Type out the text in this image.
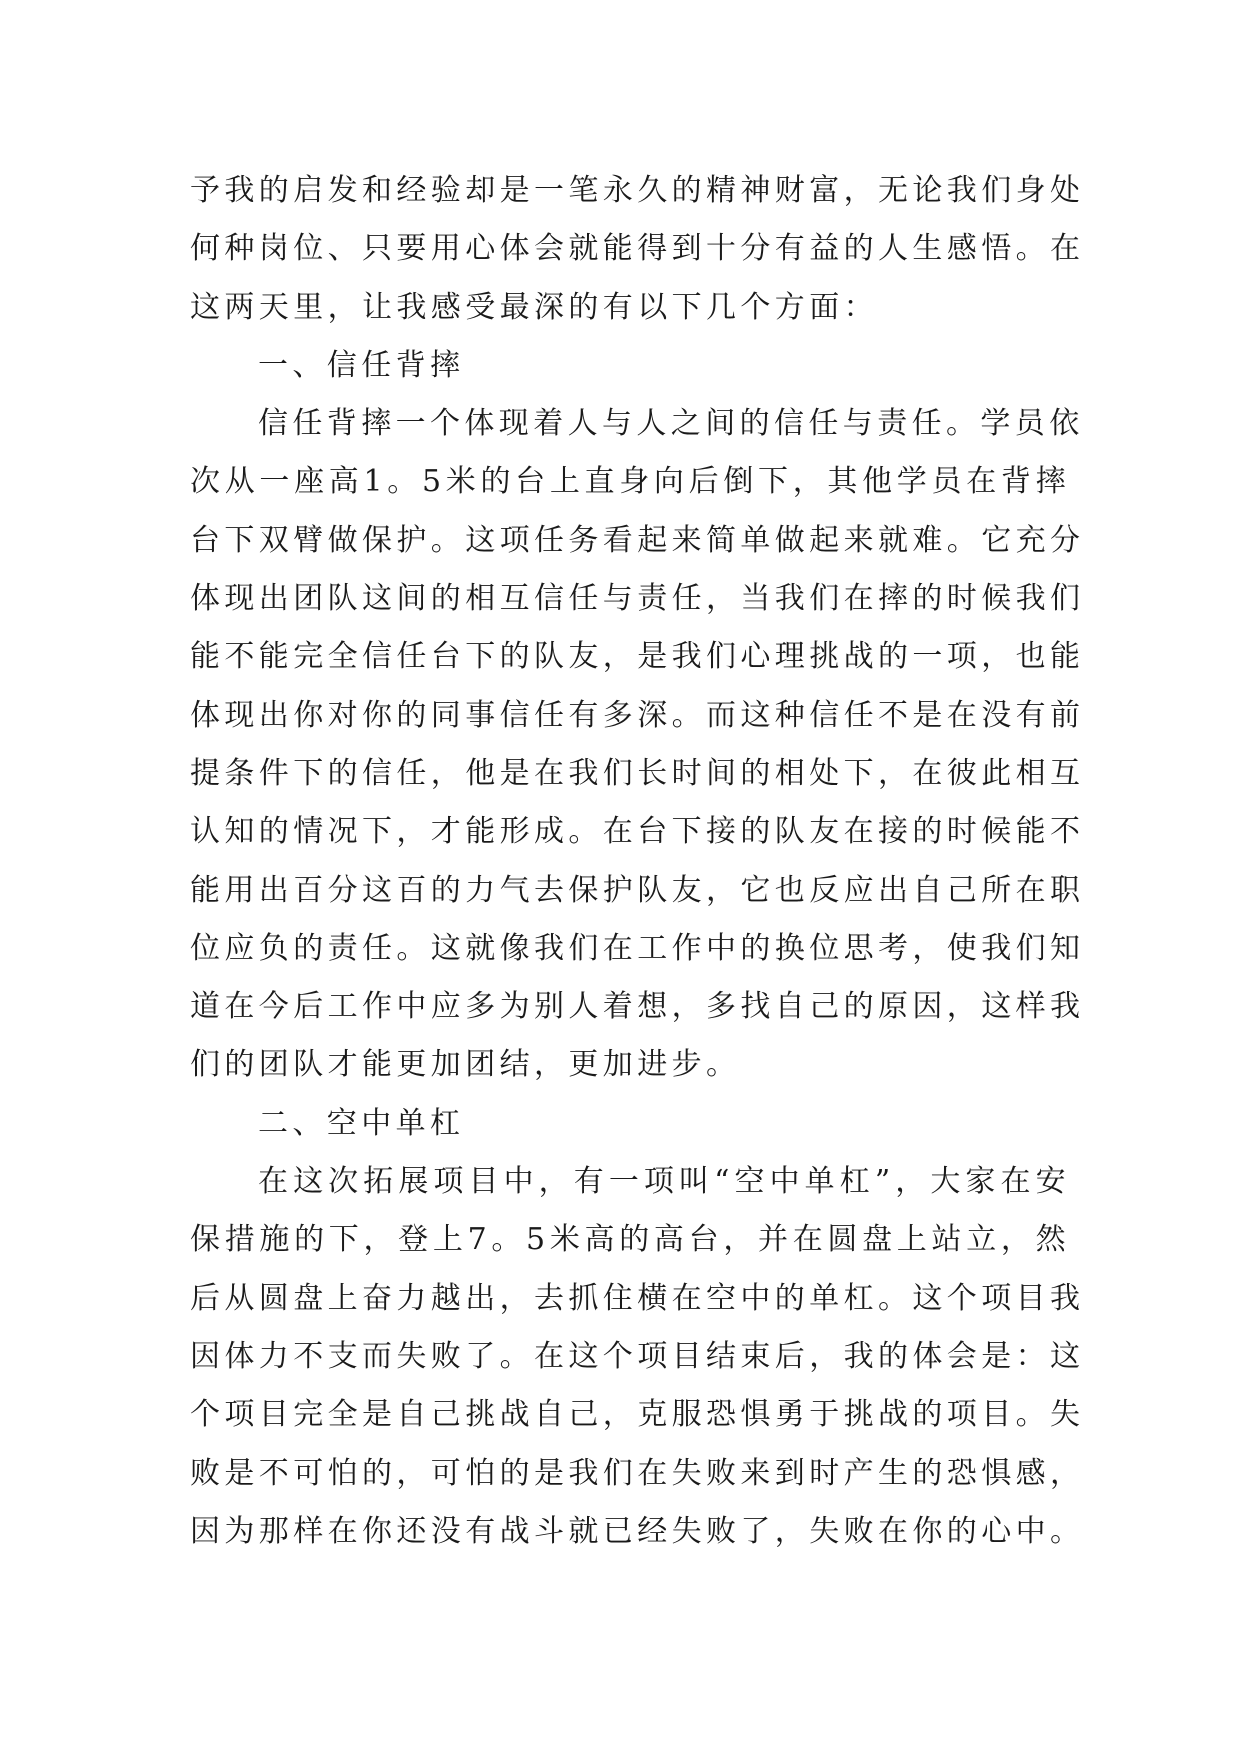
予我的启发和经验却是一笔永久的精神财富，无论我们身处
何种岗位、只要用心体会就能得到十分有益的人生感悟。在
这两天里，让我感受最深的有以下几个方面：
一、信任背摔
信任背摔一个体现着人与人之间的信任与责任。学员依
次从一座高1。5米的台上直身向后倒下，其他学员在背摔
台下双臂做保护。这项任务看起来简单做起来就难。它充分
体现出团队这间的相互信任与责任，当我们在摔的时候我们
能不能完全信任台下的队友，是我们心理挑战的一项，也能
体现出你对你的同事信任有多深。而这种信任不是在没有前
提条件下的信任，他是在我们长时间的相处下，在彼此相互
认知的情况下，才能形成。在台下接的队友在接的时候能不
能用出百分这百的力气去保护队友，它也反应出自己所在职
位应负的责任。这就像我们在工作中的换位思考，使我们知
道在今后工作中应多为别人着想，多找自己的原因，这样我
们的团队才能更加团结，更加进步。
二、空中单杠
在这次拓展项目中，有一项叫“空中单杠”，大家在安
保措施的下，登上7。5米高的高台，并在圆盘上站立，然
后从圆盘上奋力越出，去抓住横在空中的单杠。这个项目我
因体力不支而失败了。在这个项目结束后，我的体会是：这
个项目完全是自己挑战自己，克服恐惧勇于挑战的项目。失
败是不可怕的，可怕的是我们在失败来到时产生的恐惧感，
因为那样在你还没有战斗就已经失败了，失败在你的心中。
